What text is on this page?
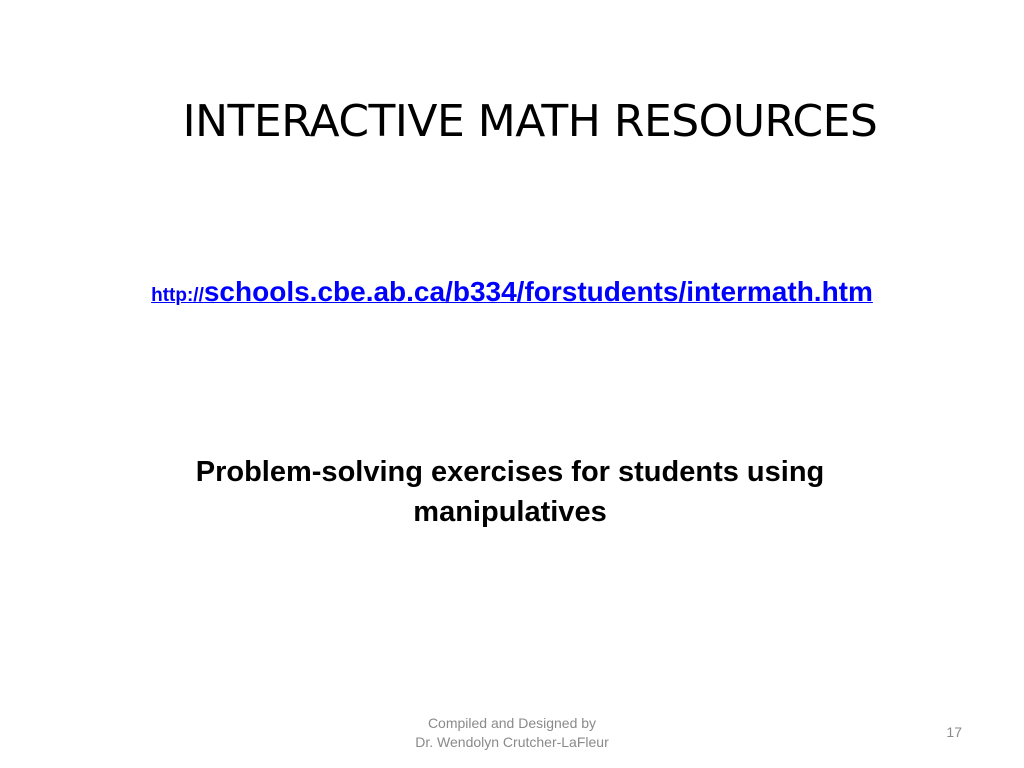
INTERACTIVE MATH RESOURCES
http://schools.cbe.ab.ca/b334/forstudents/intermath.htm

Problem-solving exercises for students using manipulatives

Compiled and Designed by
Dr. Wendolyn Crutcher-LaFleur
17
